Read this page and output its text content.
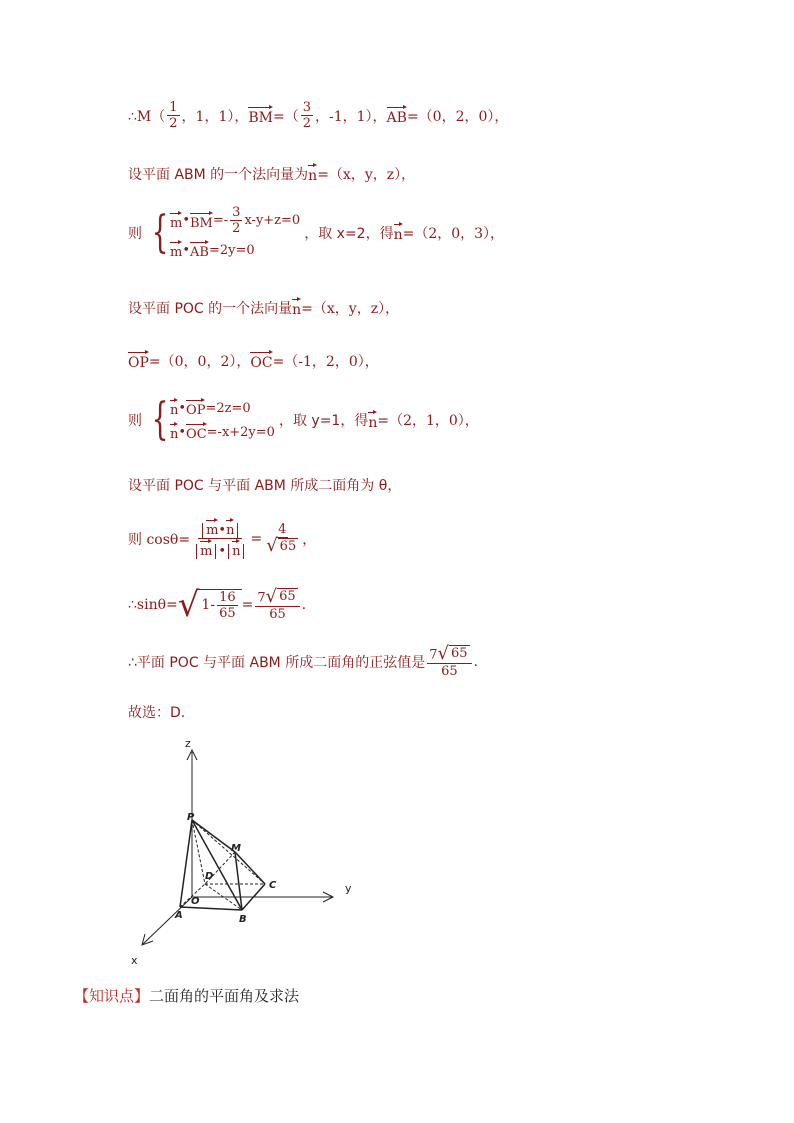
∴M（ $\frac{1}{2}$ ，1，1）， BM =（ $\frac{3}{2}$ ，-1，1）， AB =（0，2，0），
设平面 ABM 的一个法向量为 n =（x，y，z），
则 { m • BM =- $\frac{3}{2} x-y+z=0$
m • AB =2y=0
，取 x=2，得 n =（2，0，3），
设平面 POC 的一个法向量 n =（x，y，z），
OP =（0，0，2）， OC =（-1，2，0），
则 { n • OP =2z=0
n • OC =-x+2y=0
，取 y=1，得 n =（2，1，0），
设平面 POC 与平面 ABM 所成二面角为 θ，
则 $\cos\theta= \frac{m•n}{m • n} = \frac{4}{√ 65}$ ，
∴sinθ= √ $1- \frac{16}{65} = \frac{7 √ 65}{65}$ .
∴平面 POC 与平面 ABM 所成二面角的正弦值是 $\frac{7 √ 65}{65}$ .
故选：D.
z
y
x
P
M
D
C
O
A	B
【知识点】二面角的平面角及求法
